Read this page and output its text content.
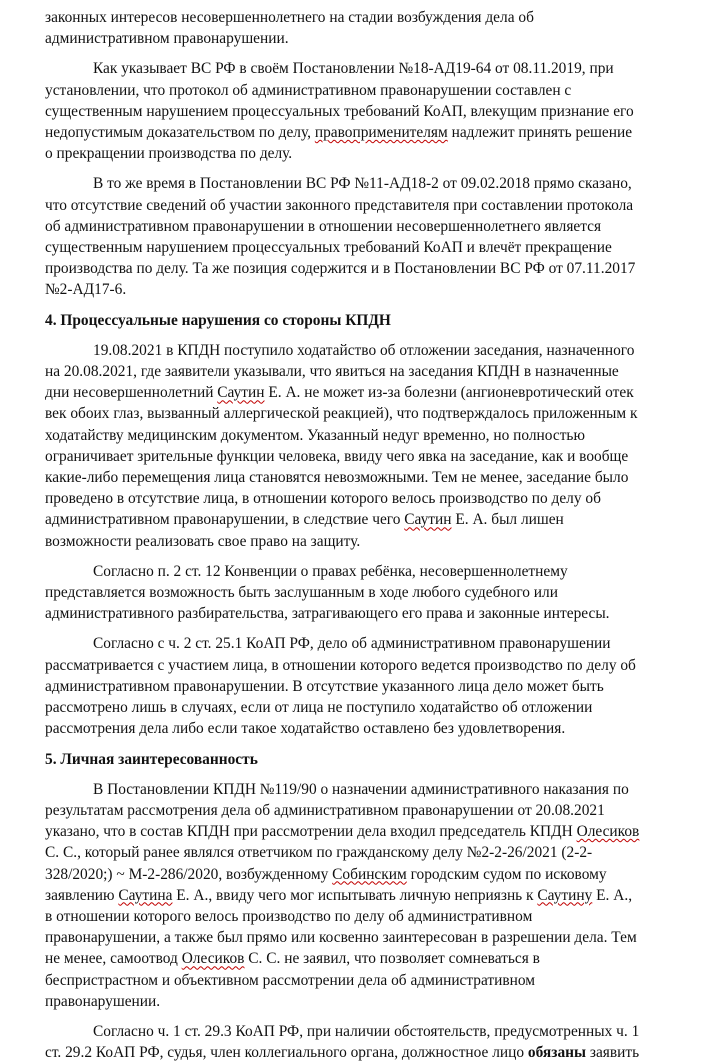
законных интересов несовершеннолетнего на стадии возбуждения дела об
административном правонарушении.
Как указывает ВС РФ в своём Постановлении №18-АД19-64 от 08.11.2019, при
установлении, что протокол об административном правонарушении составлен с
существенным нарушением процессуальных требований КоАП, влекущим признание его
недопустимым доказательством по делу, правоприменителям надлежит принять решение
о прекращении производства по делу.
В то же время в Постановлении ВС РФ №11-АД18-2 от 09.02.2018 прямо сказано,
что отсутствие сведений об участии законного представителя при составлении протокола
об административном правонарушении в отношении несовершеннолетнего является
существенным нарушением процессуальных требований КоАП и влечёт прекращение
производства по делу. Та же позиция содержится и в Постановлении ВС РФ от 07.11.2017
№2-АД17-6.
4. Процессуальные нарушения со стороны КПДН
19.08.2021 в КПДН поступило ходатайство об отложении заседания, назначенного
на 20.08.2021, где заявители указывали, что явиться на заседания КПДН в назначенные
дни несовершеннолетний Саутин Е. А. не может из-за болезни (ангионевротический отек
век обоих глаз, вызванный аллергической реакцией), что подтверждалось приложенным к
ходатайству медицинским документом. Указанный недуг временно, но полностью
ограничивает зрительные функции человека, ввиду чего явка на заседание, как и вообще
какие-либо перемещения лица становятся невозможными. Тем не менее, заседание было
проведено в отсутствие лица, в отношении которого велось производство по делу об
административном правонарушении, в следствие чего Саутин Е. А. был лишен
возможности реализовать свое право на защиту.
Согласно п. 2 ст. 12 Конвенции о правах ребёнка, несовершеннолетнему
представляется возможность быть заслушанным в ходе любого судебного или
административного разбирательства, затрагивающего его права и законные интересы.
Согласно с ч. 2 ст. 25.1 КоАП РФ, дело об административном правонарушении
рассматривается с участием лица, в отношении которого ведется производство по делу об
административном правонарушении. В отсутствие указанного лица дело может быть
рассмотрено лишь в случаях, если от лица не поступило ходатайство об отложении
рассмотрения дела либо если такое ходатайство оставлено без удовлетворения.
5. Личная заинтересованность
В Постановлении КПДН №119/90 о назначении административного наказания по
результатам рассмотрения дела об административном правонарушении от 20.08.2021
указано, что в состав КПДН при рассмотрении дела входил председатель КПДН Олесиков
С. С., который ранее являлся ответчиком по гражданскому делу №2-2-26/2021 (2-2-
328/2020;) ~ М-2-286/2020, возбужденному Собинским городским судом по исковому
заявлению Саутина Е. А., ввиду чего мог испытывать личную неприязнь к Саутину Е. А.,
в отношении которого велось производство по делу об административном
правонарушении, а также был прямо или косвенно заинтересован в разрешении дела. Тем
не менее, самоотвод Олесиков С. С. не заявил, что позволяет сомневаться в
беспристрастном и объективном рассмотрении дела об административном
правонарушении.
Согласно ч. 1 ст. 29.3 КоАП РФ, при наличии обстоятельств, предусмотренных ч. 1
ст. 29.2 КоАП РФ, судья, член коллегиального органа, должностное лицо обязаны заявить
